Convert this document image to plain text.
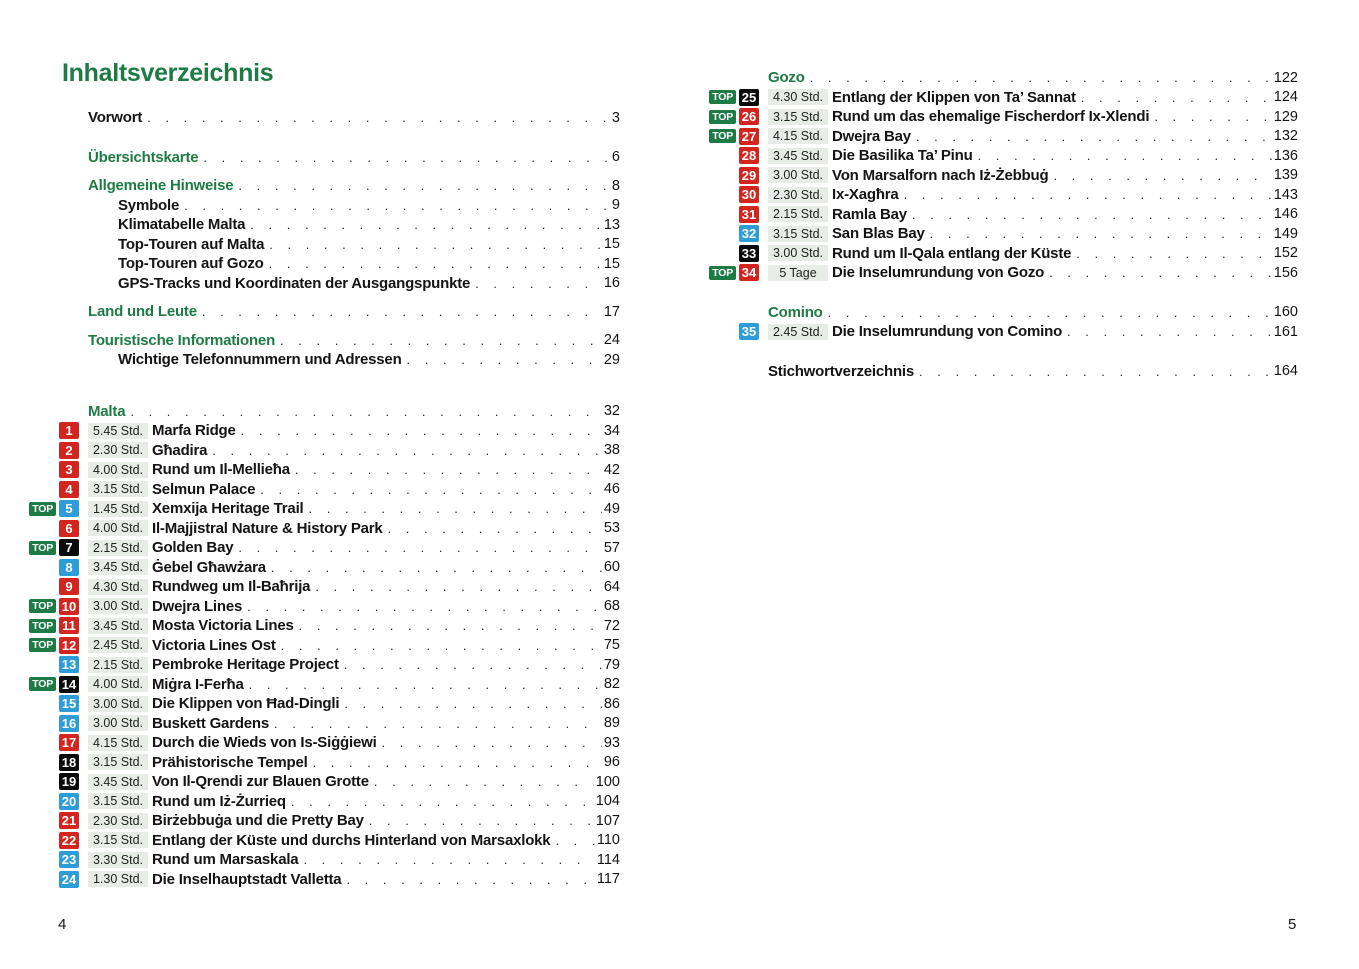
Inhaltsverzeichnis
Vorwort . . .	3
Übersichtskarte . . .	6
Allgemeine Hinweise . . .	8
Symbole . . .	9
Klimatabelle Malta . . .	13
Top-Touren auf Malta . . .	15
Top-Touren auf Gozo . . .	15
GPS-Tracks und Koordinaten der Ausgangspunkte . . .	16
Land und Leute . . .	17
Touristische Informationen . . .	24
Wichtige Telefonnummern und Adressen . . .	29
Malta . . .	32
1	5.45 Std. Marfa Ridge . . .	34
2	2.30 Std. Għadira . . .	38
3	4.00 Std. Rund um Il-Mellieħa . . .	42
4	3.15 Std. Selmun Palace . . .	46
TOP 5	1.45 Std. Xemxija Heritage Trail . . .	49
6	4.00 Std. Il-Majjistral Nature & History Park . . .	53
TOP 7	2.15 Std. Golden Bay . . .	57
8	3.45 Std. Ġebel Għawżara . . .	60
9	4.30 Std. Rundweg um Il-Baħrija . . .	64
TOP 10	3.00 Std. Dwejra Lines . . .	68
TOP 11	3.45 Std. Mosta Victoria Lines . . .	72
TOP 12	2.45 Std. Victoria Lines Ost . . .	75
13	2.15 Std. Pembroke Heritage Project . . .	79
TOP 14	4.00 Std. Miġra I-Ferħa . . .	82
15	3.00 Std. Die Klippen von Ħad-Dingli . . .	86
16	3.00 Std. Buskett Gardens . . .	89
17	4.15 Std. Durch die Wieds von Is-Siġġiewi . . .	93
18	3.15 Std. Prähistorische Tempel . . .	96
19	3.45 Std. Von Il-Qrendi zur Blauen Grotte . . .	100
20	3.15 Std. Rund um Iż-Żurrieq . . .	104
21	2.30 Std. Birżebbuġa und die Pretty Bay . . .	107
22	3.15 Std. Entlang der Küste und durchs Hinterland von Marsaxlokk . . .	110
23	3.30 Std. Rund um Marsaskala . . .	114
24	1.30 Std. Die Inselhauptstadt Valletta . . .	117
Gozo . . .	122
TOP 25	4.30 Std. Entlang der Klippen von Ta’ Sannat . . .	124
TOP 26	3.15 Std. Rund um das ehemalige Fischerdorf Ix-Xlendi . . .	129
TOP 27	4.15 Std. Dwejra Bay . . .	132
28	3.45 Std. Die Basilika Ta’ Pinu . . .	136
29	3.00 Std. Von Marsalforn nach Iż-Żebbuġ . . .	139
30	2.30 Std. Ix-Xagħra . . .	143
31	2.15 Std. Ramla Bay . . .	146
32	3.15 Std. San Blas Bay . . .	149
33	3.00 Std. Rund um Il-Qala entlang der Küste . . .	152
TOP 34	5 Tage	Die Inselumrundung von Gozo . . .	156
Comino . . .	160
35	2.45 Std. Die Inselumrundung von Comino . . .	161
Stichwortverzeichnis . . .	164
4	5
